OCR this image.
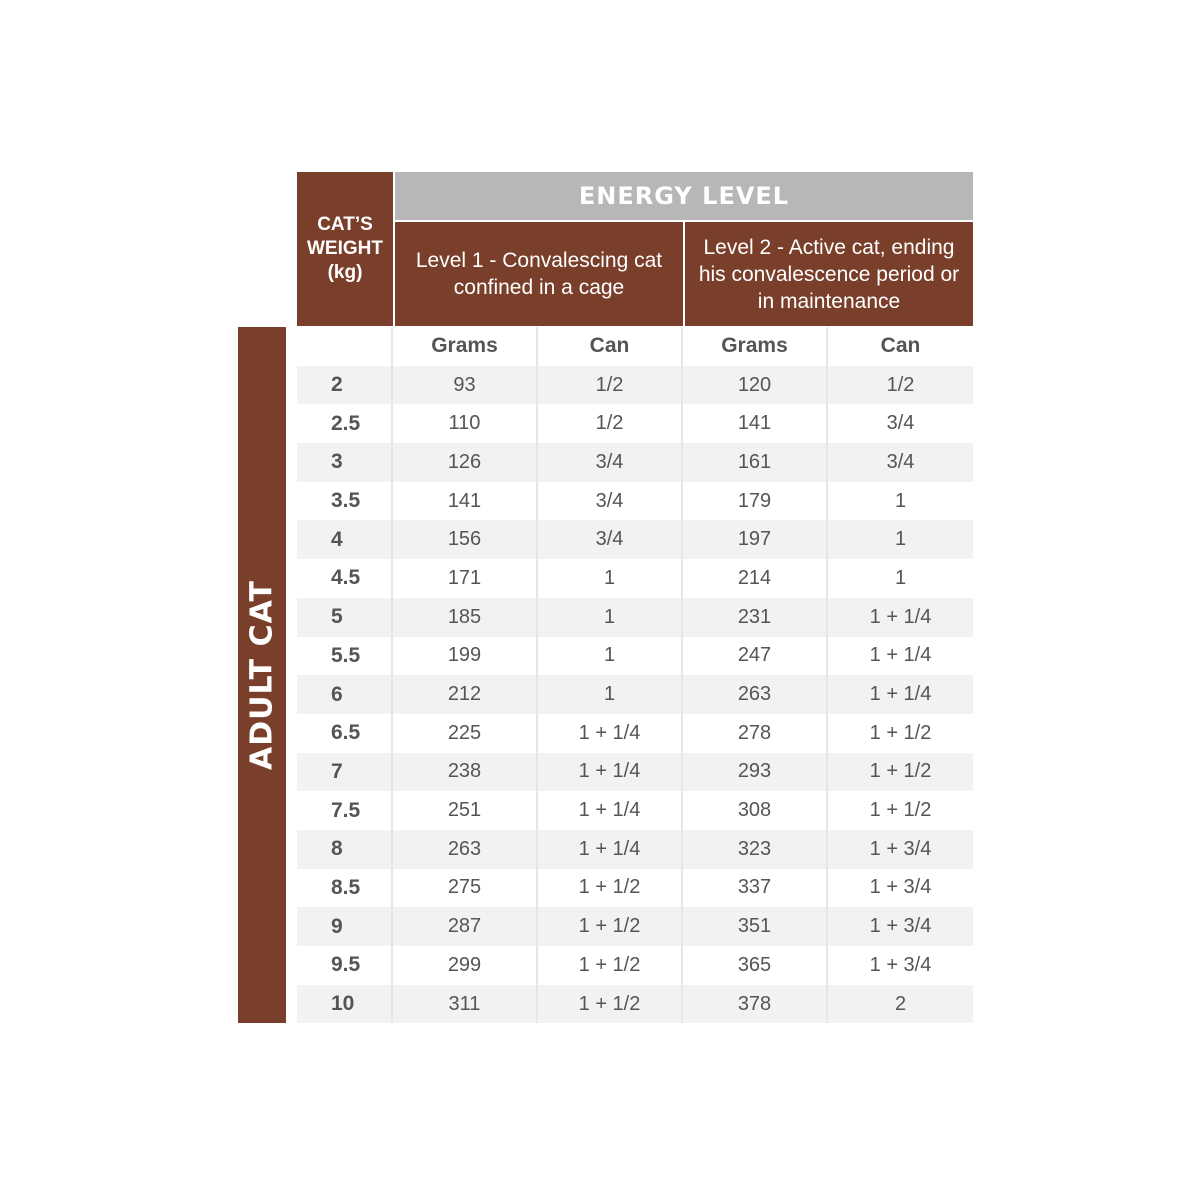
ADULT CAT
CAT’S WEIGHT (kg)
ENERGY LEVEL
Level 1 - Convalescing cat confined in a cage
Level 2 - Active cat, ending his convalescence period or in maintenance
Grams	Can	Grams	Can
2	93	1/2	120	1/2
2.5	110	1/2	141	3/4
3	126	3/4	161	3/4
3.5	141	3/4	179	1
4	156	3/4	197	1
4.5	171	1	214	1
5	185	1	231	1 + 1/4
5.5	199	1	247	1 + 1/4
6	212	1	263	1 + 1/4
6.5	225	1 + 1/4	278	1 + 1/2
7	238	1 + 1/4	293	1 + 1/2
7.5	251	1 + 1/4	308	1 + 1/2
8	263	1 + 1/4	323	1 + 3/4
8.5	275	1 + 1/2	337	1 + 3/4
9	287	1 + 1/2	351	1 + 3/4
9.5	299	1 + 1/2	365	1 + 3/4
10	311	1 + 1/2	378	2
